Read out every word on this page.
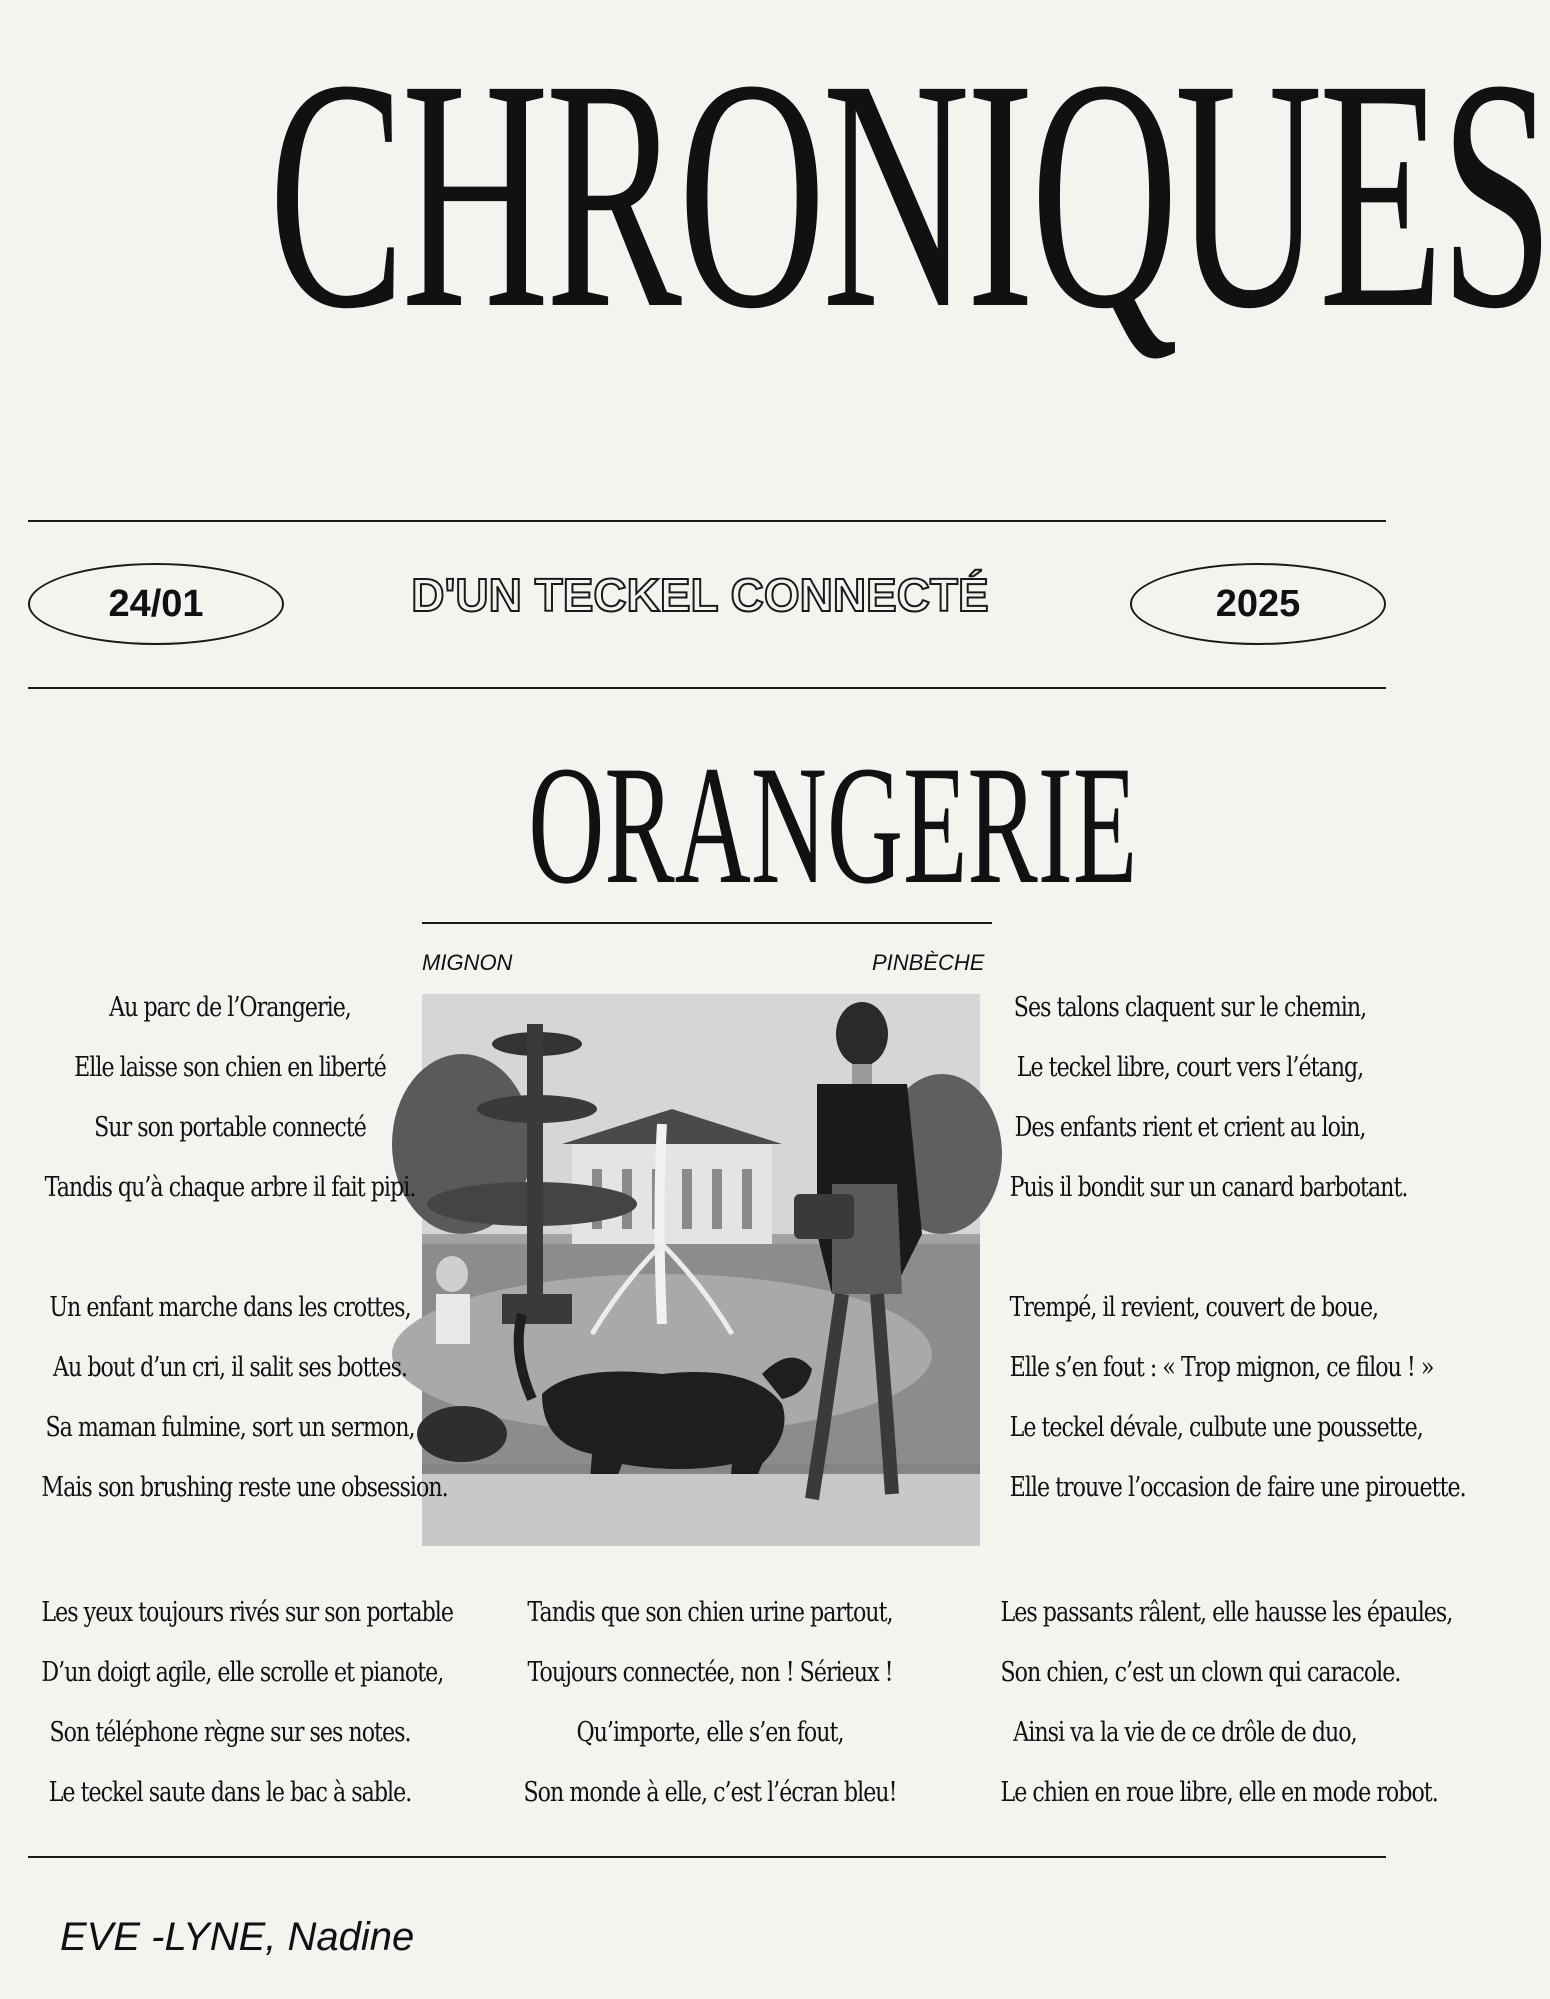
CHRONIQUES
24/01	D'UN TECKEL CONNECTÉ	2025
ORANGERIE
MIGNON	PINBÈCHE
Au parc de l’Orangerie,
Elle laisse son chien en liberté
Sur son portable connecté
Tandis qu’à chaque arbre il fait pipi.
Un enfant marche dans les crottes,
Au bout d’un cri, il salit ses bottes.
Sa maman fulmine, sort un sermon,
Mais son brushing reste une obsession.
Ses talons claquent sur le chemin,
Le teckel libre, court vers l’étang,
Des enfants rient et crient au loin,
Puis il bondit sur un canard barbotant.
Trempé, il revient, couvert de boue,
Elle s’en fout : « Trop mignon, ce filou ! »
Le teckel dévale, culbute une poussette,
Elle trouve l’occasion de faire une pirouette.
Les yeux toujours rivés sur son portable
D’un doigt agile, elle scrolle et pianote,
Son téléphone règne sur ses notes.
Le teckel saute dans le bac à sable.
Tandis que son chien urine partout,
Toujours connectée, non ! Sérieux !
Qu’importe, elle s’en fout,
Son monde à elle, c’est l’écran bleu!
Les passants râlent, elle hausse les épaules,
Son chien, c’est un clown qui caracole.
Ainsi va la vie de ce drôle de duo,
Le chien en roue libre, elle en mode robot.
EVE -LYNE, Nadine
